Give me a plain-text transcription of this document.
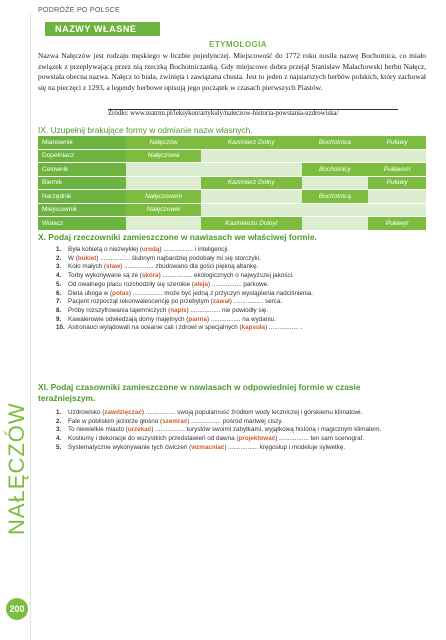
PODRÓŻE PO POLSCE
NAŁĘCZÓW
200
NAZWY WŁASNE
ETYMOLOGIA
Nazwa Nałęczów jest rodzaju męskiego w liczbie pojedynczej. Miejscowość do 1772 roku nosiła nazwę Bochotnica, co miało związek z przepływającą przez nią rzeczką Bochotniczanką. Gdy miejscowe dobra przejął Stanisław Małachowski herbu Nałęcz, powstała obecna nazwa. Nałęcz to biała, zwinięta i zawiązana chusta. Jest to jeden z najstarszych herbów polskich, który zachował się na pieczęci z 1293, a legendy herbowe opisują jego początek w czasach pierwszych Piastów.
Źródło: www.teatrnn.pl/leksykon/artykuly/naleczow-historia-powstania-uzdrowiska/
IX. Uzupełnij brakujące formy w odmianie nazw własnych.
Mianownik	Nałęczów	Kazimierz Dolny	Bochotnica	Puławy
Dopełniacz	Nałęczowa			
Celownik			Bochotnicy	Puławom
Biernik		Kazimierz Dolny		Puławy
Narzędnik	Nałęczowem		Bochotnicą	
Miejscownik	Nałęczowie			
Wołacz		Kazimierzu Dolny!		Puławy!
X. Podaj rzeczowniki zamieszczone w nawiasach we właściwej formie.
1.	Była kobietą o niezwykłej (urodą) ................. i inteligencji.
2.	W (bukiet) ................. ślubnym najbardziej podobały mi się storczyki.
3.	Koło małych (staw) ................. zbudowano dla gości piękną altankę.
4.	Torby wykonywane są ze (skóra) ................. ekologicznych o najwyższej jakości.
5.	Od owalnego placu rozchodziły się szerokie (aleja) ................. parkowe.
6.	Dieta uboga w (potas) ................. może być jedną z przyczyn wystąpienia nadciśnienia.
7.	Pacjent rozpoczął rekonwalescencję po przebytym (zawał) ................. serca.
8.	Próby rozszyfrowania tajemniczych (napis) ................. nie powiodły się.
9.	Kawalerowie odwiedzają domy majętnych (panna) ................. na wydaniu.
10. Astronauci wylądowali na oceanie cali i zdrowi w specjalnych (kapsuła) ................. .
XI. Podaj czasowniki zamieszczone w nawiasach w odpowiedniej formie w czasie teraźniejszym.
1.	Uzdrowisko (zawdzięczać) ................. swoją popularność źródłom wody leczniczej i górskiemu klimatowi.
2.	Fale w pobliskim jeziorze głośno (szemrać) ................. pośród martwej ciszy.
3.	To niewielkie miasto (urzekać) ................. turystów swoimi zabytkami, wyjątkową historią i magicznym klimatem.
4.	Kostiumy i dekoracje do wszystkich przedstawień od dawna (projektować) ................. ten sam scenograf.
5.	Systematyczne wykonywanie tych ćwiczeń (wzmacniać) ................. kręgosłup i modeluje sylwetkę.
